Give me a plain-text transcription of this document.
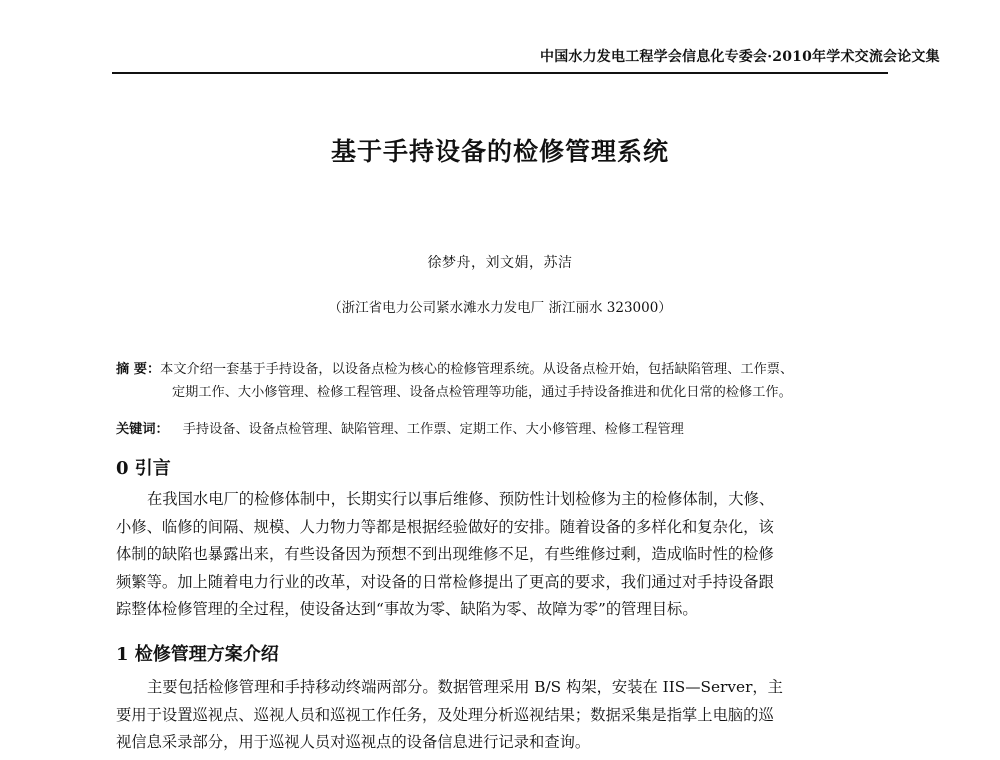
中国水力发电工程学会信息化专委会·2010年学术交流会论文集
基于手持设备的检修管理系统
徐梦舟，刘文娟，苏洁
（浙江省电力公司紧水滩水力发电厂 浙江丽水 323000）
摘 要：本文介绍一套基于手持设备，以设备点检为核心的检修管理系统。从设备点检开始，包括缺陷管理、工作票、
定期工作、大小修管理、检修工程管理、设备点检管理等功能，通过手持设备推进和优化日常的检修工作。
关键词： 手持设备、设备点检管理、缺陷管理、工作票、定期工作、大小修管理、检修工程管理
0 引言
在我国水电厂的检修体制中，长期实行以事后维修、预防性计划检修为主的检修体制，大修、
小修、临修的间隔、规模、人力物力等都是根据经验做好的安排。随着设备的多样化和复杂化，该
体制的缺陷也暴露出来，有些设备因为预想不到出现维修不足，有些维修过剩，造成临时性的检修
频繁等。加上随着电力行业的改革，对设备的日常检修提出了更高的要求，我们通过对手持设备跟
踪整体检修管理的全过程，使设备达到“事故为零、缺陷为零、故障为零”的管理目标。
1 检修管理方案介绍
主要包括检修管理和手持移动终端两部分。数据管理采用 B/S 构架，安装在 IIS—Server，主
要用于设置巡视点、巡视人员和巡视工作任务，及处理分析巡视结果；数据采集是指掌上电脑的巡
视信息采录部分，用于巡视人员对巡视点的设备信息进行记录和查询。
